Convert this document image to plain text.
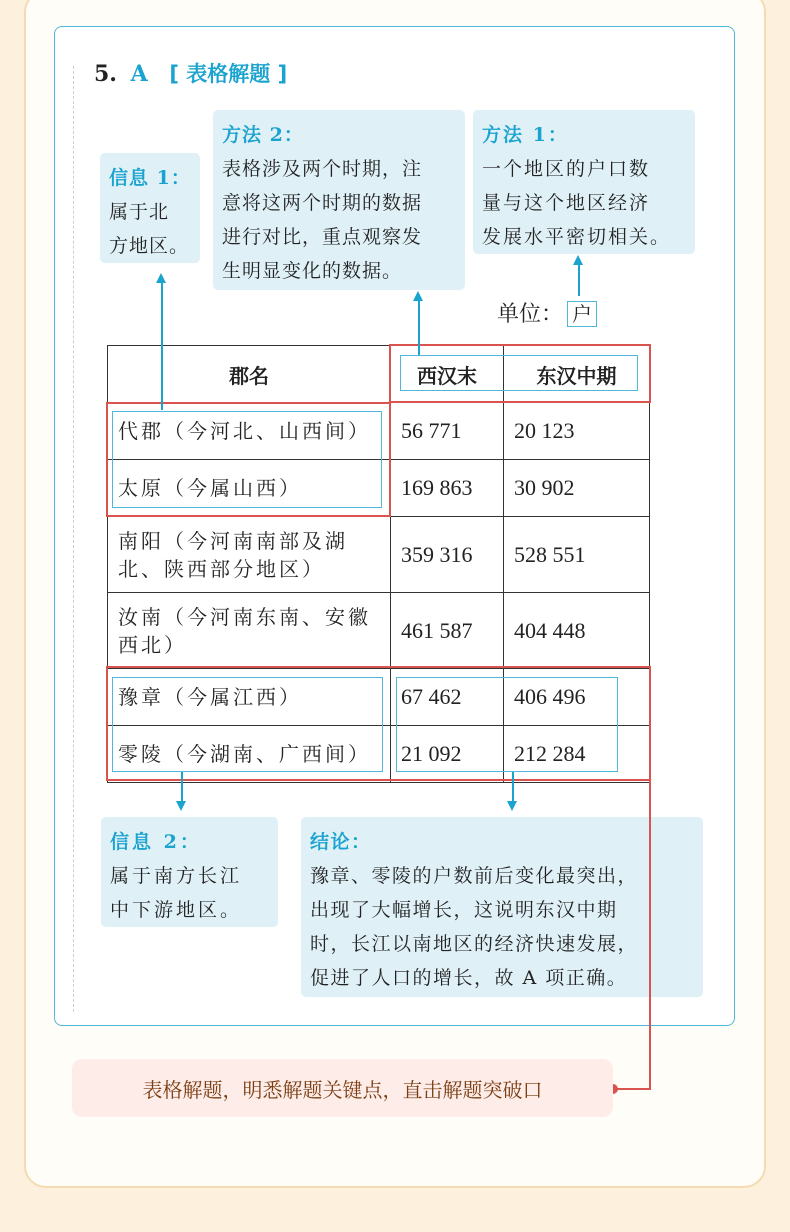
5. A [ 表格解题 ]
信息 1：
属于北
方地区。
方法 2：
表格涉及两个时期，注
意将这两个时期的数据
进行对比，重点观察发
生明显变化的数据。
方法 1：
一个地区的户口数
量与这个地区经济
发展水平密切相关。
单位： 户
郡名	西汉末	东汉中期
代郡（今河北、山西间）	56 771	20 123
太原（今属山西）	169 863	30 902
南阳（今河南南部及湖北、陕西部分地区）	359 316	528 551
汝南（今河南东南、安徽西北）	461 587	404 448
豫章（今属江西）	67 462	406 496
零陵（今湖南、广西间）	21 092	212 284
信息 2：
属于南方长江
中下游地区。
结论：
豫章、零陵的户数前后变化最突出，
出现了大幅增长，这说明东汉中期
时，长江以南地区的经济快速发展，
促进了人口的增长，故 A 项正确。
表格解题，明悉解题关键点，直击解题突破口
